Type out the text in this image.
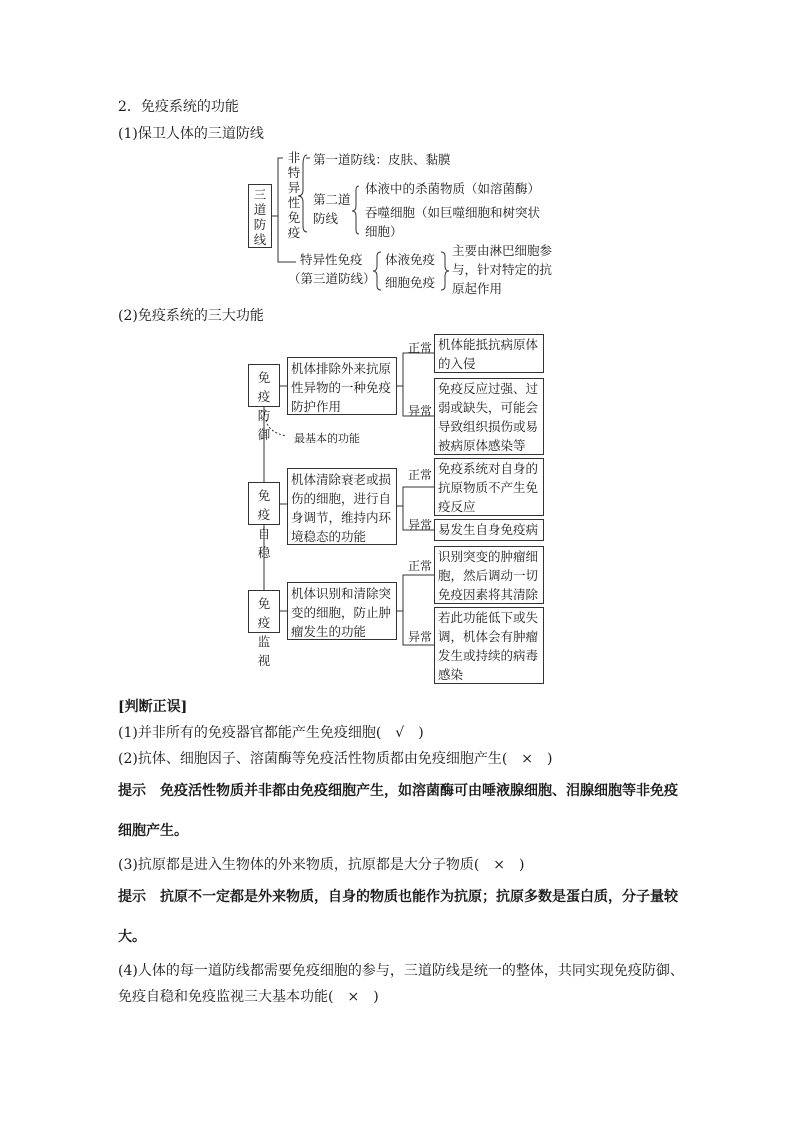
2．免疫系统的功能
(1)保卫人体的三道防线
三道防线
非特异性免疫
第一道防线：皮肤、黏膜
第二道防线
体液中的杀菌物质（如溶菌酶）
吞噬细胞（如巨噬细胞和树突状细胞）
特异性免疫
（第三道防线）
体液免疫
细胞免疫
主要由淋巴细胞参与，针对特定的抗原起作用
(2)免疫系统的三大功能
免疫防御
免疫自稳
免疫监视
机体排除外来抗原性异物的一种免疫防护作用
机体清除衰老或损伤的细胞，进行自身调节，维持内环境稳态的功能
机体识别和清除突变的细胞，防止肿瘤发生的功能
正常
异常
正常
异常
正常
异常
机体能抵抗病原体的入侵
免疫反应过强、过弱或缺失，可能会导致组织损伤或易被病原体感染等
免疫系统对自身的抗原物质不产生免疫反应
易发生自身免疫病
识别突变的肿瘤细胞，然后调动一切免疫因素将其清除
若此功能低下或失调，机体会有肿瘤发生或持续的病毒感染
最基本的功能
[判断正误]
(1)并非所有的免疫器官都能产生免疫细胞(　√　)
(2)抗体、细胞因子、溶菌酶等免疫活性物质都由免疫细胞产生(　×　)
提示　免疫活性物质并非都由免疫细胞产生，如溶菌酶可由唾液腺细胞、泪腺细胞等非免疫
细胞产生。
(3)抗原都是进入生物体的外来物质，抗原都是大分子物质(　×　)
提示　抗原不一定都是外来物质，自身的物质也能作为抗原；抗原多数是蛋白质，分子量较
大。
(4)人体的每一道防线都需要免疫细胞的参与，三道防线是统一的整体，共同实现免疫防御、
免疫自稳和免疫监视三大基本功能(　×　)
